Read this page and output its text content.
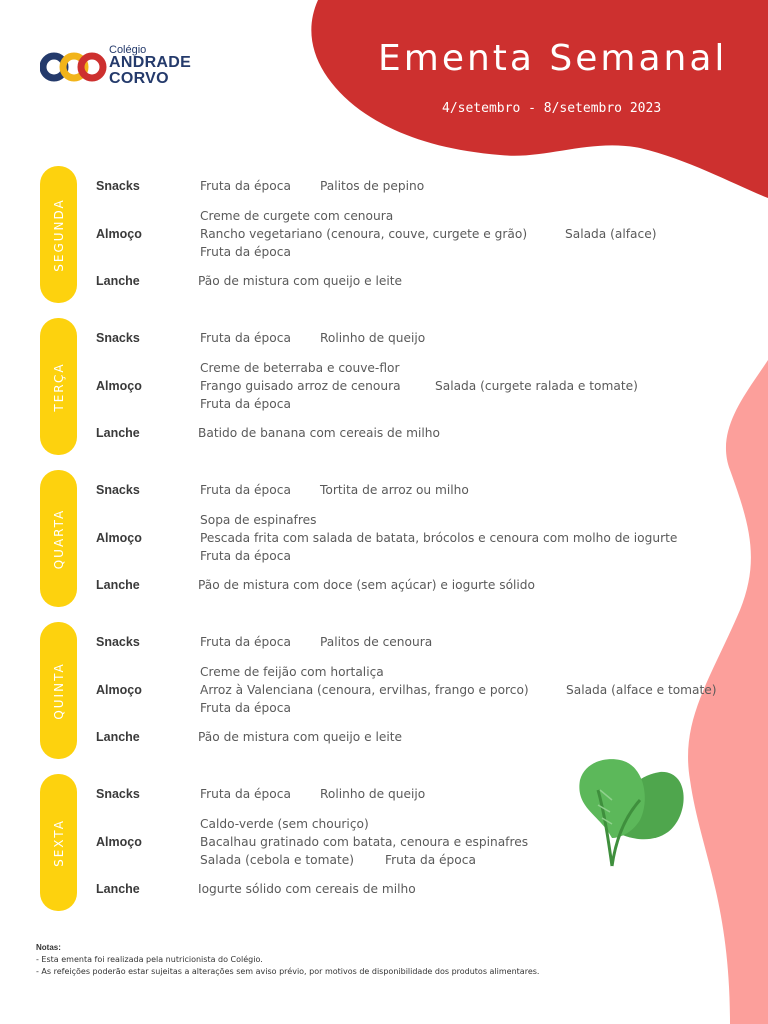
Colégio
ANDRADE
CORVO	Ementa Semanal
4/setembro - 8/setembro 2023
SEGUNDA
Snacks	Fruta da época Palitos de pepino
Almoço
Creme de curgete com cenoura
Rancho vegetariano (cenoura, couve, curgete e grão)	Salada (alface)
Fruta da época
Lanche	Pão de mistura com queijo e leite
TERÇA
Snacks	Fruta da época Rolinho de queijo
Almoço
Creme de beterraba e couve-flor
Frango guisado arroz de cenoura	Salada (curgete ralada e tomate)
Fruta da época
Lanche	Batido de banana com cereais de milho
QUARTA
Snacks	Fruta da época Tortita de arroz ou milho
Almoço
Sopa de espinafres
Pescada frita com salada de batata, brócolos e cenoura com molho de iogurte
Fruta da época
Lanche	Pão de mistura com doce (sem açúcar) e iogurte sólido
QUINTA
Snacks	Fruta da época Palitos de cenoura
Almoço
Creme de feijão com hortaliça
Arroz à Valenciana (cenoura, ervilhas, frango e porco)	Salada (alface e tomate)
Fruta da época
Lanche	Pão de mistura com queijo e leite
SEXTA
Snacks	Fruta da época Rolinho de queijo
Almoço
Caldo-verde (sem chouriço)
Bacalhau gratinado com batata, cenoura e espinafres
Salada (cebola e tomate)	Fruta da época
Lanche	Iogurte sólido com cereais de milho
Notas:
- Esta ementa foi realizada pela nutricionista do Colégio.
- As refeições poderão estar sujeitas a alterações sem aviso prévio, por motivos de disponibilidade dos produtos alimentares.
